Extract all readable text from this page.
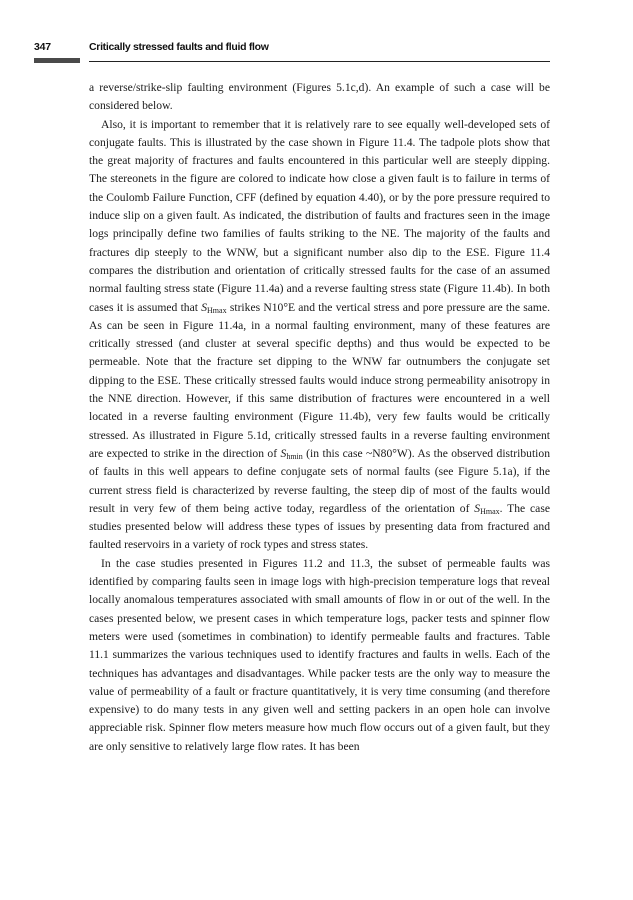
347	Critically stressed faults and fluid flow

a reverse/strike-slip faulting environment (Figures 5.1c,d). An example of such a case will be considered below.

Also, it is important to remember that it is relatively rare to see equally well-developed sets of conjugate faults. This is illustrated by the case shown in Figure 11.4. The tadpole plots show that the great majority of fractures and faults encountered in this particular well are steeply dipping. The stereonets in the figure are colored to indicate how close a given fault is to failure in terms of the Coulomb Failure Function, CFF (defined by equation 4.40), or by the pore pressure required to induce slip on a given fault. As indicated, the distribution of faults and fractures seen in the image logs principally define two families of faults striking to the NE. The majority of the faults and fractures dip steeply to the WNW, but a significant number also dip to the ESE. Figure 11.4 compares the distribution and orientation of critically stressed faults for the case of an assumed normal faulting stress state (Figure 11.4a) and a reverse faulting stress state (Figure 11.4b). In both cases it is assumed that $S_{Hmax}$ strikes N10°E and the vertical stress and pore pressure are the same. As can be seen in Figure 11.4a, in a normal faulting environment, many of these features are critically stressed (and cluster at several specific depths) and thus would be expected to be permeable. Note that the fracture set dipping to the WNW far outnumbers the conjugate set dipping to the ESE. These critically stressed faults would induce strong permeability anisotropy in the NNE direction. However, if this same distribution of fractures were encountered in a well located in a reverse faulting environment (Figure 11.4b), very few faults would be critically stressed. As illustrated in Figure 5.1d, critically stressed faults in a reverse faulting environment are expected to strike in the direction of $S_{hmin}$ (in this case ~N80°W). As the observed distribution of faults in this well appears to define conjugate sets of normal faults (see Figure 5.1a), if the current stress field is characterized by reverse faulting, the steep dip of most of the faults would result in very few of them being active today, regardless of the orientation of $S_{Hmax}$. The case studies presented below will address these types of issues by presenting data from fractured and faulted reservoirs in a variety of rock types and stress states.

In the case studies presented in Figures 11.2 and 11.3, the subset of permeable faults was identified by comparing faults seen in image logs with high-precision temperature logs that reveal locally anomalous temperatures associated with small amounts of flow in or out of the well. In the cases presented below, we present cases in which temperature logs, packer tests and spinner flow meters were used (sometimes in combination) to identify permeable faults and fractures. Table 11.1 summarizes the various techniques used to identify fractures and faults in wells. Each of the techniques has advantages and disadvantages. While packer tests are the only way to measure the value of permeability of a fault or fracture quantitatively, it is very time consuming (and therefore expensive) to do many tests in any given well and setting packers in an open hole can involve appreciable risk. Spinner flow meters measure how much flow occurs out of a given fault, but they are only sensitive to relatively large flow rates. It has been
